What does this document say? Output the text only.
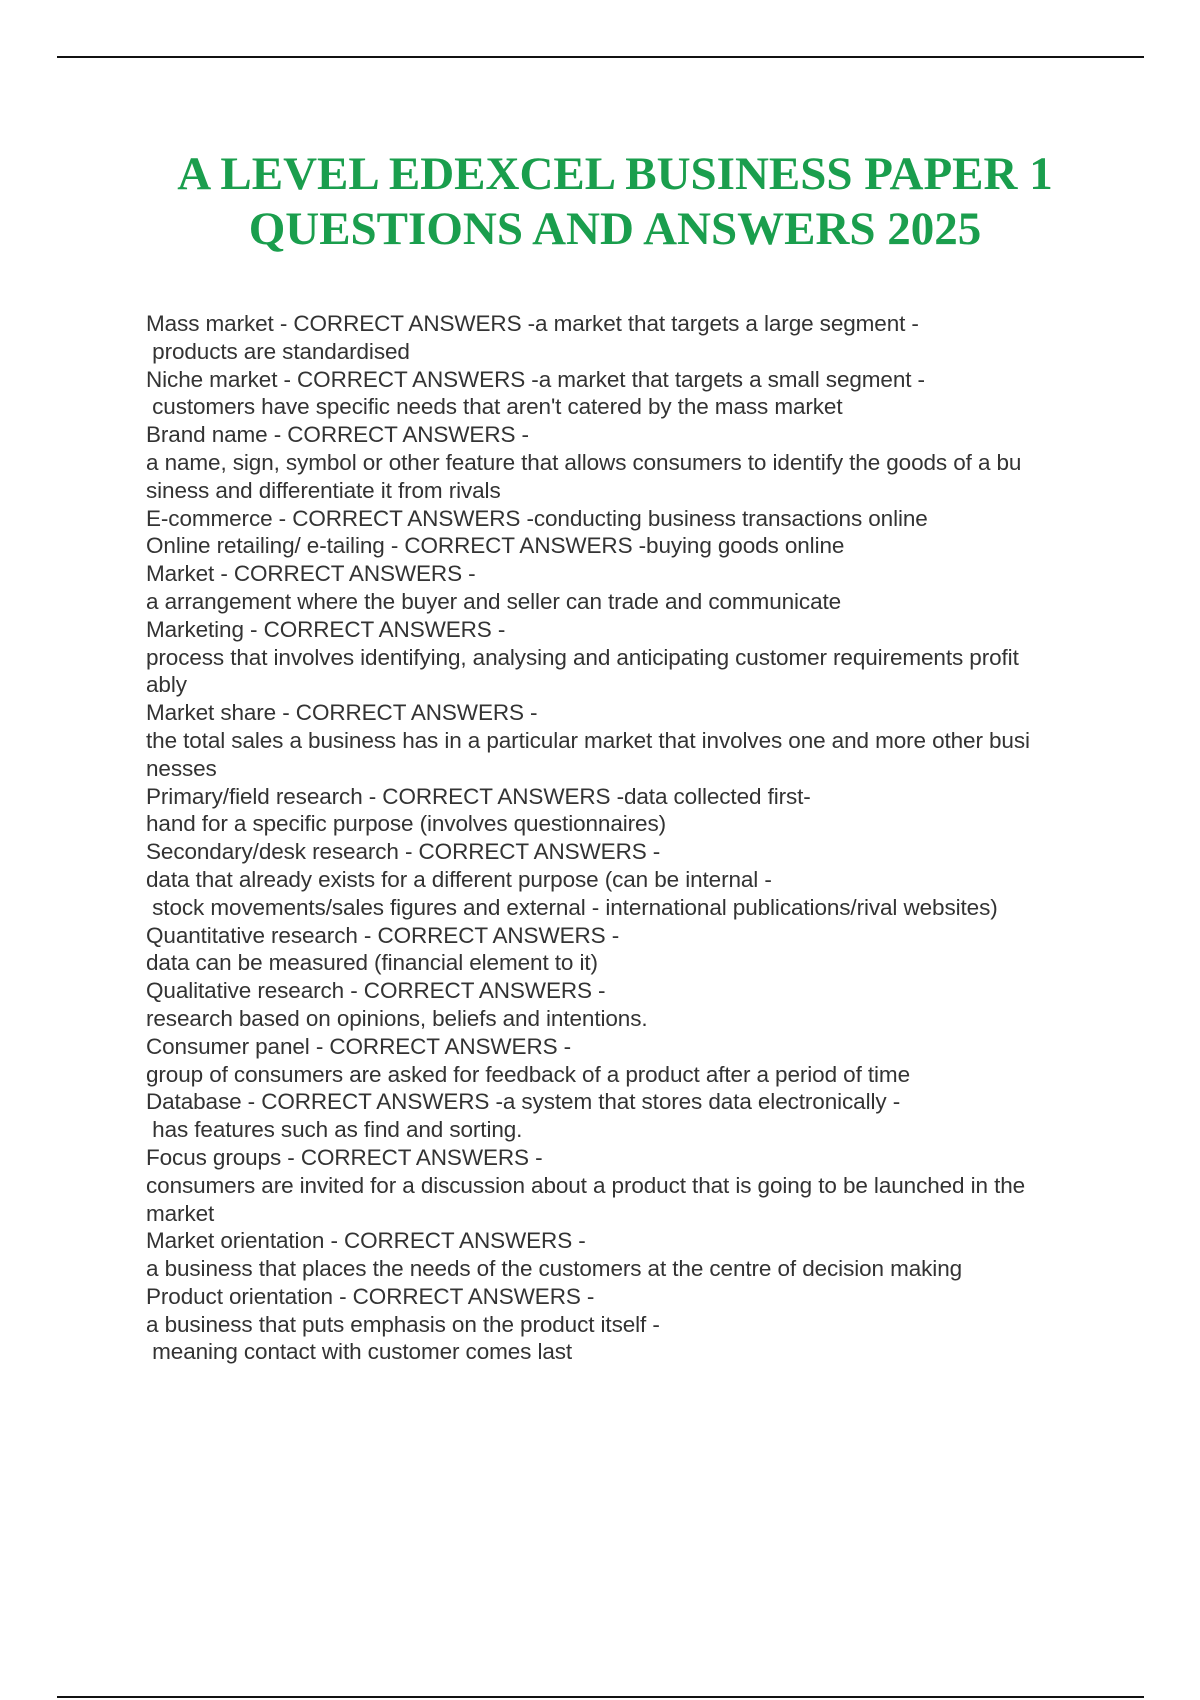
A LEVEL EDEXCEL BUSINESS PAPER 1
QUESTIONS AND ANSWERS 2025
Mass market - CORRECT ANSWERS -a market that targets a large segment -
products are standardised
Niche market - CORRECT ANSWERS -a market that targets a small segment -
customers have specific needs that aren't catered by the mass market
Brand name - CORRECT ANSWERS -
a name, sign, symbol or other feature that allows consumers to identify the goods of a bu
siness and differentiate it from rivals
E-commerce - CORRECT ANSWERS -conducting business transactions online
Online retailing/ e-tailing - CORRECT ANSWERS -buying goods online
Market - CORRECT ANSWERS -
a arrangement where the buyer and seller can trade and communicate
Marketing - CORRECT ANSWERS -
process that involves identifying, analysing and anticipating customer requirements profit
ably
Market share - CORRECT ANSWERS -
the total sales a business has in a particular market that involves one and more other busi
nesses
Primary/field research - CORRECT ANSWERS -data collected first-
hand for a specific purpose (involves questionnaires)
Secondary/desk research - CORRECT ANSWERS -
data that already exists for a different purpose (can be internal -
stock movements/sales figures and external - international publications/rival websites)
Quantitative research - CORRECT ANSWERS -
data can be measured (financial element to it)
Qualitative research - CORRECT ANSWERS -
research based on opinions, beliefs and intentions.
Consumer panel - CORRECT ANSWERS -
group of consumers are asked for feedback of a product after a period of time
Database - CORRECT ANSWERS -a system that stores data electronically -
has features such as find and sorting.
Focus groups - CORRECT ANSWERS -
consumers are invited for a discussion about a product that is going to be launched in the
market
Market orientation - CORRECT ANSWERS -
a business that places the needs of the customers at the centre of decision making
Product orientation - CORRECT ANSWERS -
a business that puts emphasis on the product itself -
meaning contact with customer comes last
